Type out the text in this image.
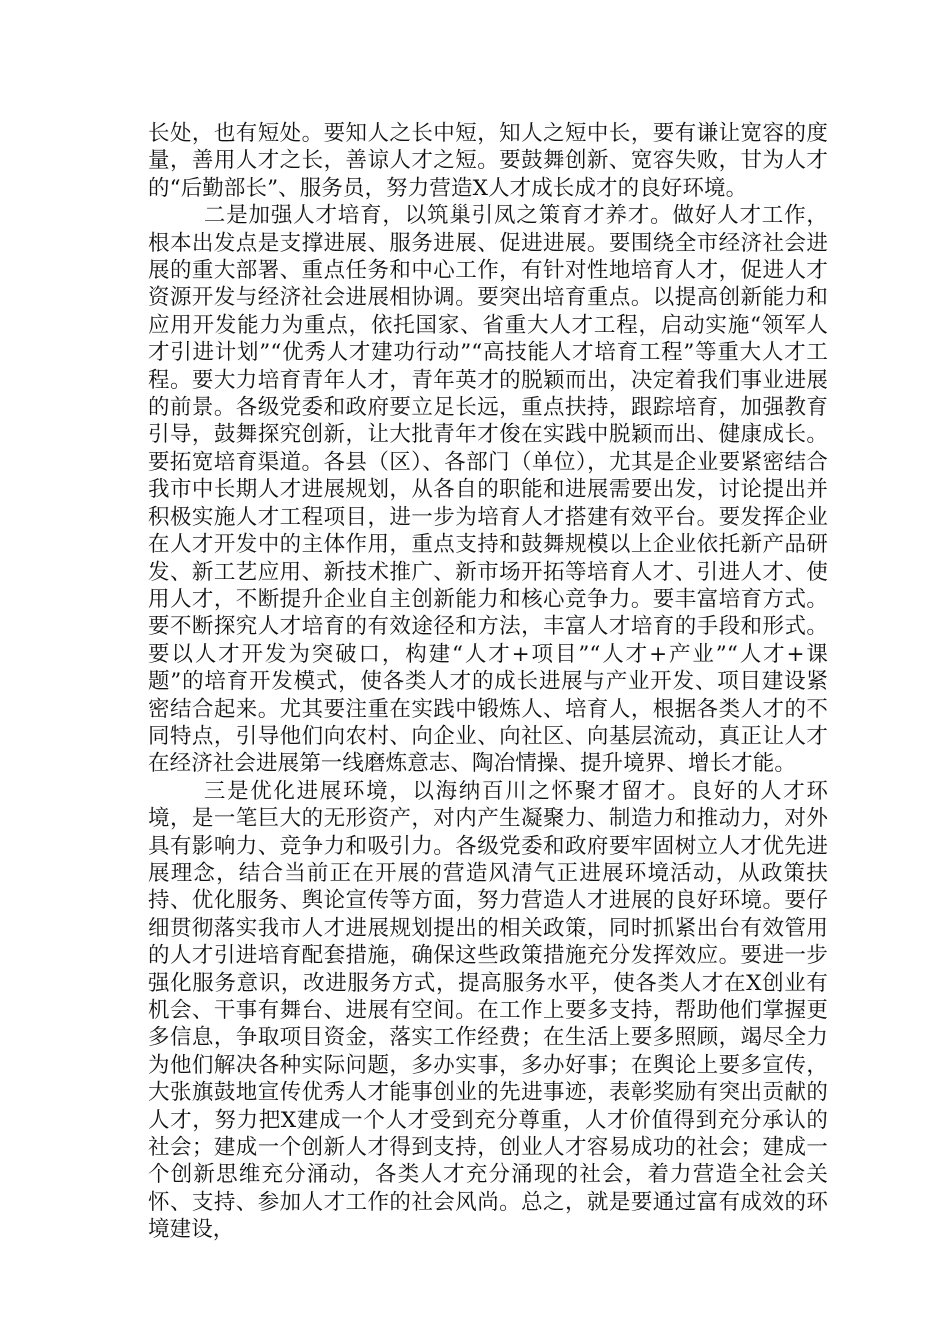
长处，也有短处。要知人之长中短，知人之短中长，要有谦让宽容的度量，善用人才之长，善谅人才之短。要鼓舞创新、宽容失败，甘为人才的“后勤部长”、服务员，努力营造X人才成长成才的良好环境。

二是加强人才培育，以筑巢引凤之策育才养才。做好人才工作，根本出发点是支撑进展、服务进展、促进进展。要围绕全市经济社会进展的重大部署、重点任务和中心工作，有针对性地培育人才，促进人才资源开发与经济社会进展相协调。要突出培育重点。以提高创新能力和应用开发能力为重点，依托国家、省重大人才工程，启动实施“领军人才引进计划”“优秀人才建功行动”“高技能人才培育工程”等重大人才工程。要大力培育青年人才，青年英才的脱颖而出，决定着我们事业进展的前景。各级党委和政府要立足长远，重点扶持，跟踪培育，加强教育引导，鼓舞探究创新，让大批青年才俊在实践中脱颖而出、健康成长。要拓宽培育渠道。各县（区）、各部门（单位），尤其是企业要紧密结合我市中长期人才进展规划，从各自的职能和进展需要出发，讨论提出并积极实施人才工程项目，进一步为培育人才搭建有效平台。要发挥企业在人才开发中的主体作用，重点支持和鼓舞规模以上企业依托新产品研发、新工艺应用、新技术推广、新市场开拓等培育人才、引进人才、使用人才，不断提升企业自主创新能力和核心竞争力。要丰富培育方式。要不断探究人才培育的有效途径和方法，丰富人才培育的手段和形式。要以人才开发为突破口，构建“人才+项目”“人才+产业”“人才+课题”的培育开发模式，使各类人才的成长进展与产业开发、项目建设紧密结合起来。尤其要注重在实践中锻炼人、培育人，根据各类人才的不同特点，引导他们向农村、向企业、向社区、向基层流动，真正让人才在经济社会进展第一线磨炼意志、陶冶情操、提升境界、增长才能。

三是优化进展环境，以海纳百川之怀聚才留才。良好的人才环境，是一笔巨大的无形资产，对内产生凝聚力、制造力和推动力，对外具有影响力、竞争力和吸引力。各级党委和政府要牢固树立人才优先进展理念，结合当前正在开展的营造风清气正进展环境活动，从政策扶持、优化服务、舆论宣传等方面，努力营造人才进展的良好环境。要仔细贯彻落实我市人才进展规划提出的相关政策，同时抓紧出台有效管用的人才引进培育配套措施，确保这些政策措施充分发挥效应。要进一步强化服务意识，改进服务方式，提高服务水平，使各类人才在X创业有机会、干事有舞台、进展有空间。在工作上要多支持，帮助他们掌握更多信息，争取项目资金，落实工作经费；在生活上要多照顾，竭尽全力为他们解决各种实际问题，多办实事，多办好事；在舆论上要多宣传，大张旗鼓地宣传优秀人才能事创业的先进事迹，表彰奖励有突出贡献的人才，努力把X建成一个人才受到充分尊重，人才价值得到充分承认的社会；建成一个创新人才得到支持，创业人才容易成功的社会；建成一个创新思维充分涌动，各类人才充分涌现的社会，着力营造全社会关怀、支持、参加人才工作的社会风尚。总之，就是要通过富有成效的环境建设，
